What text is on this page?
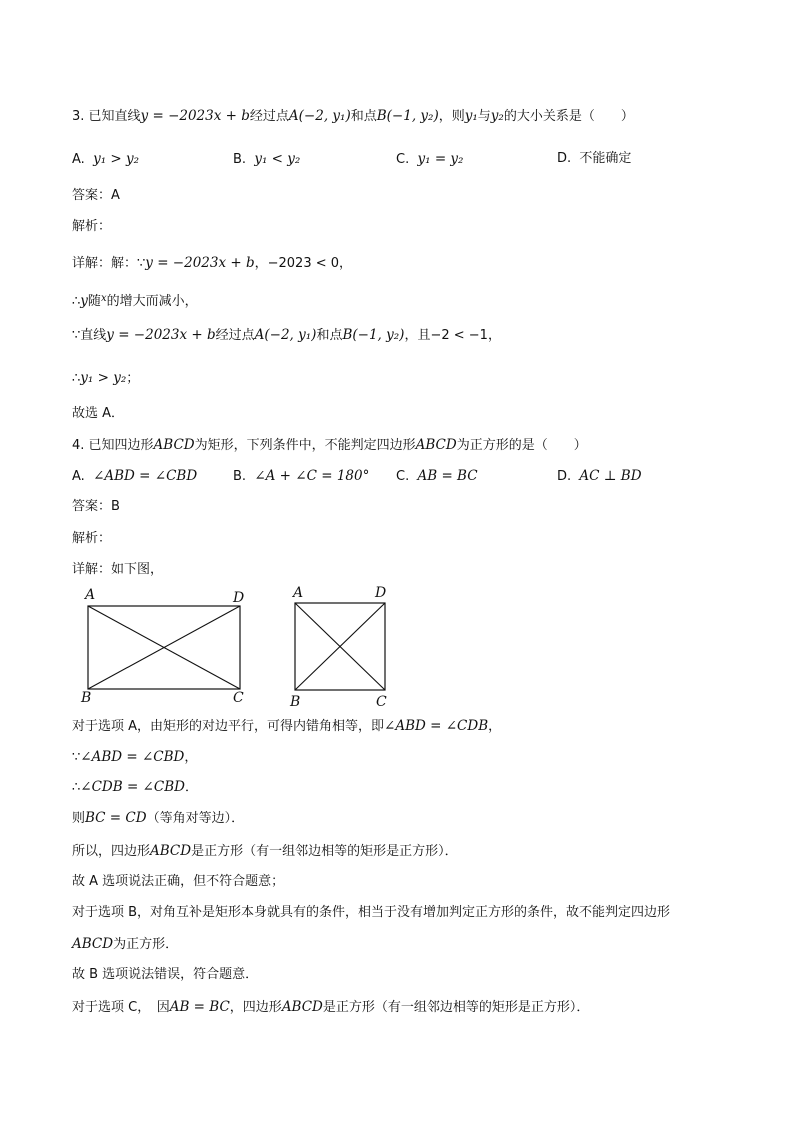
3. 已知直线y = −2023x + b经过点A(−2, y₁)和点B(−1, y₂)，则y₁与y₂的大小关系是（　　）
A. y₁ > y₂	B. y₁ < y₂	C. y₁ = y₂	D. 不能确定
答案：A
解析：
详解：解：∵y = −2023x + b，−2023 < 0，
∴y随$^x$的增大而减小，
∵直线y = −2023x + b经过点A(−2, y₁)和点B(−1, y₂)，且−2 < −1，
∴y₁ > y₂；
故选 A．
4. 已知四边形ABCD为矩形，下列条件中，不能判定四边形ABCD为正方形的是（　　）
A. ∠ABD = ∠CBD	B. ∠A + ∠C = 180° C. AB = BC	D. AC ⊥ BD
答案：B
解析：
详解：如下图，
A	D
B	C
A	D
B	C
对于选项 A，由矩形的对边平行，可得内错角相等，即∠ABD = ∠CDB，
∵∠ABD = ∠CBD，
∴∠CDB = ∠CBD．
则BC = CD（等角对等边）．
所以，四边形ABCD是正方形（有一组邻边相等的矩形是正方形）．
故 A 选项说法正确，但不符合题意；
对于选项 B，对角互补是矩形本身就具有的条件，相当于没有增加判定正方形的条件，故不能判定四边形
ABCD为正方形．
故 B 选项说法错误，符合题意．
对于选项 C，　因AB = BC，四边形ABCD是正方形（有一组邻边相等的矩形是正方形）．
